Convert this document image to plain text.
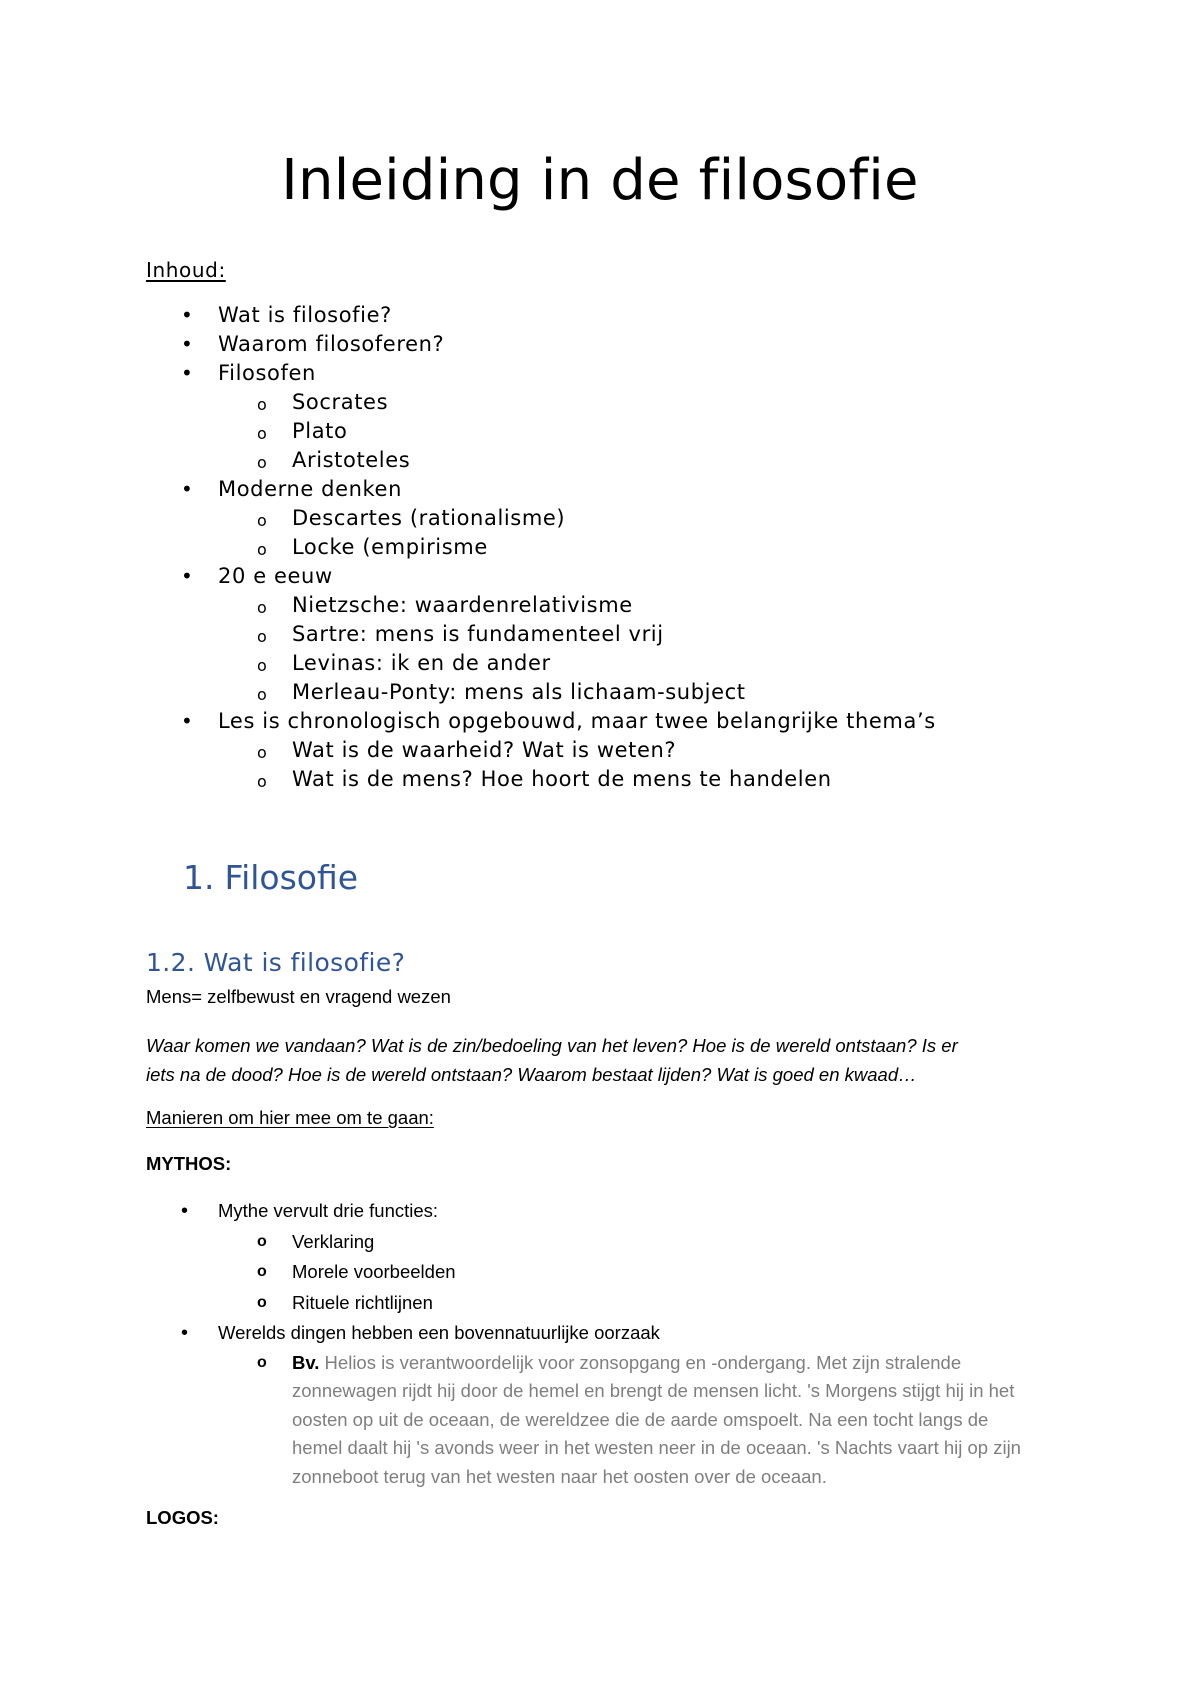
Inleiding in de filosofie
Inhoud:
• Wat is filosofie?
• Waarom filosoferen?
• Filosofen
o Socrates
o Plato
o Aristoteles
• Moderne denken
o Descartes (rationalisme)
o Locke (empirisme
• 20 e eeuw
o Nietzsche: waardenrelativisme
o Sartre: mens is fundamenteel vrij
o Levinas: ik en de ander
o Merleau-Ponty: mens als lichaam-subject
• Les is chronologisch opgebouwd, maar twee belangrijke thema’s
o Wat is de waarheid? Wat is weten?
o Wat is de mens? Hoe hoort de mens te handelen
1. Filosofie
1.2. Wat is filosofie?
Mens= zelfbewust en vragend wezen
Waar komen we vandaan? Wat is de zin/bedoeling van het leven? Hoe is de wereld ontstaan? Is er
iets na de dood? Hoe is de wereld ontstaan? Waarom bestaat lijden? Wat is goed en kwaad…
Manieren om hier mee om te gaan:
MYTHOS:
• Mythe vervult drie functies:
o Verklaring
o Morele voorbeelden
o Rituele richtlijnen
• Werelds dingen hebben een bovennatuurlijke oorzaak
o Bv. Helios is verantwoordelijk voor zonsopgang en -ondergang. Met zijn stralende
zonnewagen rijdt hij door de hemel en brengt de mensen licht. 's Morgens stijgt hij in het
oosten op uit de oceaan, de wereldzee die de aarde omspoelt. Na een tocht langs de
hemel daalt hij 's avonds weer in het westen neer in de oceaan. 's Nachts vaart hij op zijn
zonneboot terug van het westen naar het oosten over de oceaan.
LOGOS:
